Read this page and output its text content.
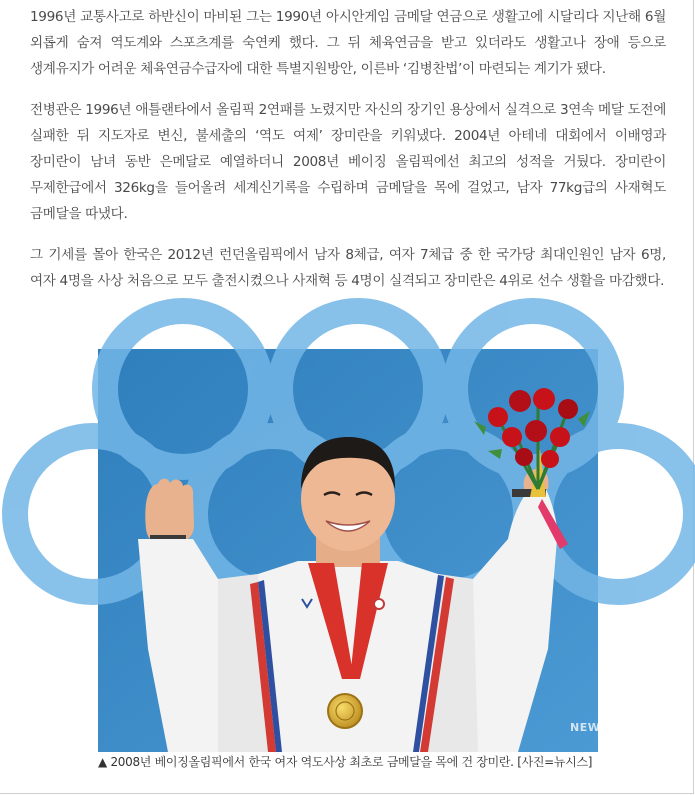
1996년 교통사고로 하반신이 마비된 그는 1990년 아시안게임 금메달 연금으로 생활고에 시달리다 지난해 6월 외롭게 숨져 역도계와 스포츠계를 숙연케 했다. 그 뒤 체육연금을 받고 있더라도 생활고나 장애 등으로 생계유지가 어려운 체육연금수급자에 대한 특별지원방안, 이른바 ‘김병찬법’이 마련되는 계기가 됐다.

전병관은 1996년 애틀랜타에서 올림픽 2연패를 노렸지만 자신의 장기인 용상에서 실격으로 3연속 메달 도전에 실패한 뒤 지도자로 변신, 불세출의 ‘역도 여제’ 장미란을 키워냈다. 2004년 아테네 대회에서 이배영과 장미란이 남녀 동반 은메달로 예열하더니 2008년 베이징 올림픽에선 최고의 성적을 거뒀다. 장미란이 무제한급에서 326kg을 들어올려 세계신기록을 수립하며 금메달을 목에 걸었고, 남자 77kg급의 사재혁도 금메달을 따냈다.

그 기세를 몰아 한국은 2012년 런던올림픽에서 남자 8체급, 여자 7체급 중 한 국가당 최대인원인 남자 6명, 여자 4명을 사상 처음으로 모두 출전시켰으나 사재혁 등 4명이 실격되고 장미란은 4위로 선수 생활을 마감했다.

NEWSIS
▲ 2008년 베이징올림픽에서 한국 여자 역도사상 최초로 금메달을 목에 건 장미란. [사진=뉴시스]
